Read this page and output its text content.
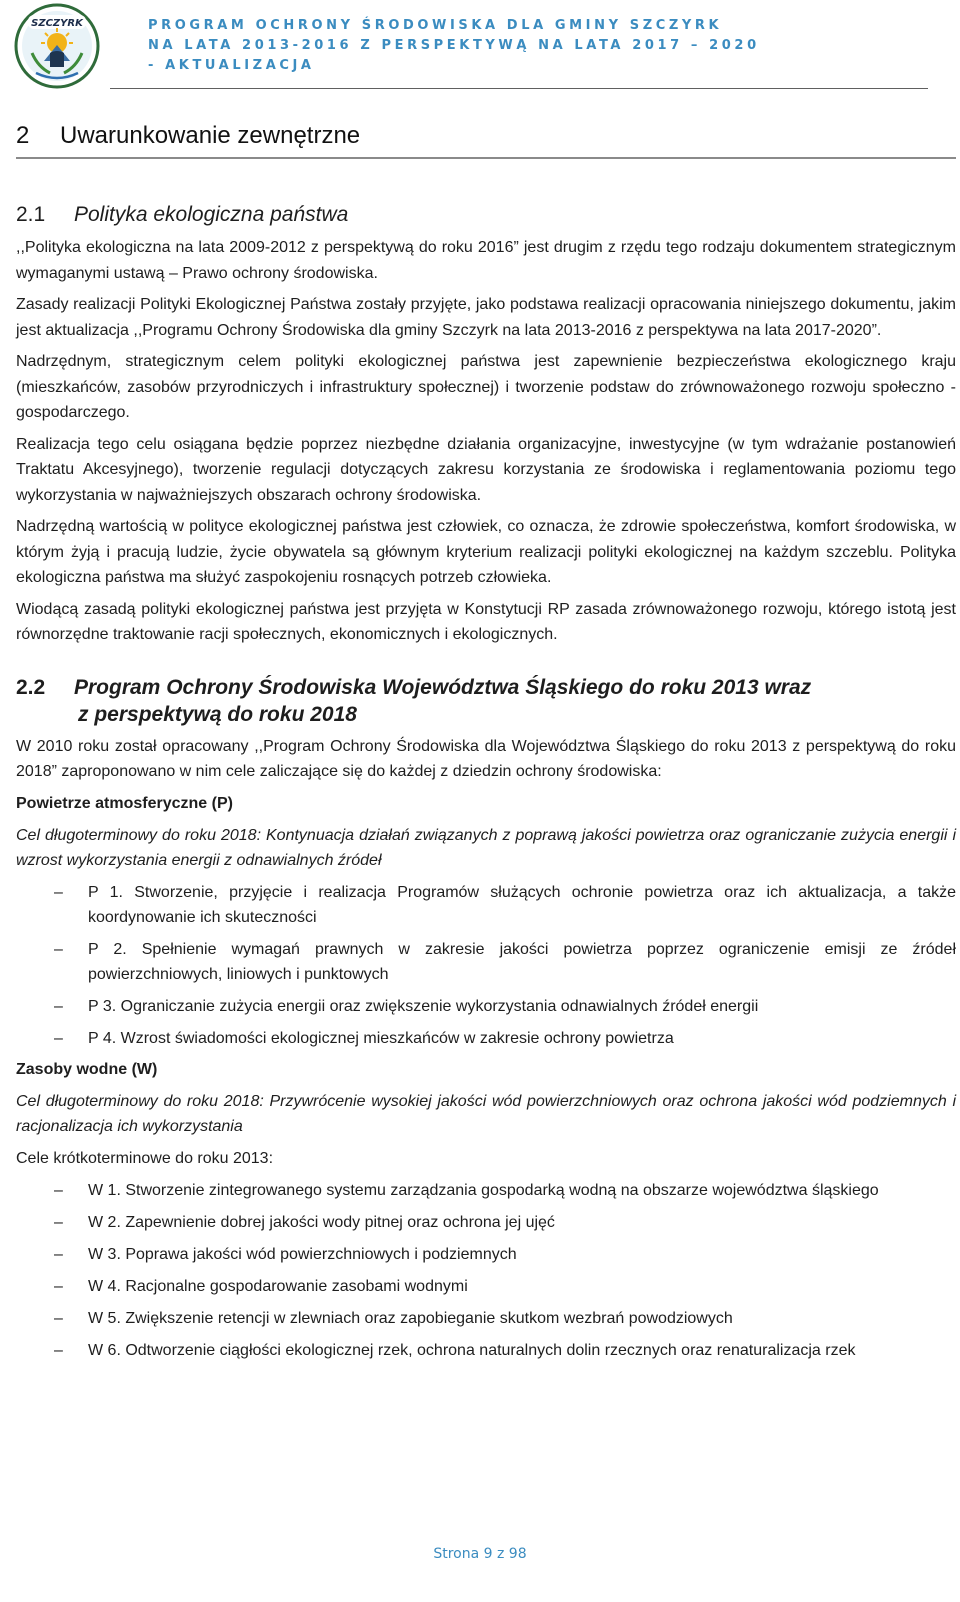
SZCZYRK	PROGRAM OCHRONY ŚRODOWISKA DLA GMINY SZCZYRK
NA LATA 2013-2016 Z PERSPEKTYWĄ NA LATA 2017 – 2020
- AKTUALIZACJA
2 Uwarunkowanie zewnętrzne
2.1 Polityka ekologiczna państwa

,,Polityka ekologiczna na lata 2009-2012 z perspektywą do roku 2016” jest drugim z rzędu tego rodzaju dokumentem strategicznym wymaganymi ustawą – Prawo ochrony środowiska.

Zasady realizacji Polityki Ekologicznej Państwa zostały przyjęte, jako podstawa realizacji opracowania niniejszego dokumentu, jakim jest aktualizacja ,,Programu Ochrony Środowiska dla gminy Szczyrk na lata 2013-2016 z perspektywa na lata 2017-2020”.

Nadrzędnym, strategicznym celem polityki ekologicznej państwa jest zapewnienie bezpieczeństwa ekologicznego kraju (mieszkańców, zasobów przyrodniczych i infrastruktury społecznej) i tworzenie podstaw do zrównoważonego rozwoju społeczno - gospodarczego.

Realizacja tego celu osiągana będzie poprzez niezbędne działania organizacyjne, inwestycyjne (w tym wdrażanie postanowień Traktatu Akcesyjnego), tworzenie regulacji dotyczących zakresu korzystania ze środowiska i reglamentowania poziomu tego wykorzystania w najważniejszych obszarach ochrony środowiska.

Nadrzędną wartością w polityce ekologicznej państwa jest człowiek, co oznacza, że zdrowie społeczeństwa, komfort środowiska, w którym żyją i pracują ludzie, życie obywatela są głównym kryterium realizacji polityki ekologicznej na każdym szczeblu. Polityka ekologiczna państwa ma służyć zaspokojeniu rosnących potrzeb człowieka.

Wiodącą zasadą polityki ekologicznej państwa jest przyjęta w Konstytucji RP zasada zrównoważonego rozwoju, którego istotą jest równorzędne traktowanie racji społecznych, ekonomicznych i ekologicznych.

2.2 Program Ochrony Środowiska Województwa Śląskiego do roku 2013 wraz
z perspektywą do roku 2018

W 2010 roku został opracowany ,,Program Ochrony Środowiska dla Województwa Śląskiego do roku 2013 z perspektywą do roku 2018” zaproponowano w nim cele zaliczające się do każdej z dziedzin ochrony środowiska:

Powietrze atmosferyczne (P)

Cel długoterminowy do roku 2018: Kontynuacja działań związanych z poprawą jakości powietrza oraz ograniczanie zużycia energii i wzrost wykorzystania energii z odnawialnych źródeł

– P 1. Stworzenie, przyjęcie i realizacja Programów służących ochronie powietrza oraz ich aktualizacja, a także koordynowanie ich skuteczności
– P 2. Spełnienie wymagań prawnych w zakresie jakości powietrza poprzez ograniczenie emisji ze źródeł powierzchniowych, liniowych i punktowych
– P 3. Ograniczanie zużycia energii oraz zwiększenie wykorzystania odnawialnych źródeł energii
– P 4. Wzrost świadomości ekologicznej mieszkańców w zakresie ochrony powietrza
Zasoby wodne (W)

Cel długoterminowy do roku 2018: Przywrócenie wysokiej jakości wód powierzchniowych oraz ochrona jakości wód podziemnych i racjonalizacja ich wykorzystania

Cele krótkoterminowe do roku 2013:
– W 1. Stworzenie zintegrowanego systemu zarządzania gospodarką wodną na obszarze województwa śląskiego
– W 2. Zapewnienie dobrej jakości wody pitnej oraz ochrona jej ujęć
– W 3. Poprawa jakości wód powierzchniowych i podziemnych
– W 4. Racjonalne gospodarowanie zasobami wodnymi
– W 5. Zwiększenie retencji w zlewniach oraz zapobieganie skutkom wezbrań powodziowych
– W 6. Odtworzenie ciągłości ekologicznej rzek, ochrona naturalnych dolin rzecznych oraz renaturalizacja rzek
Strona 9 z 98
